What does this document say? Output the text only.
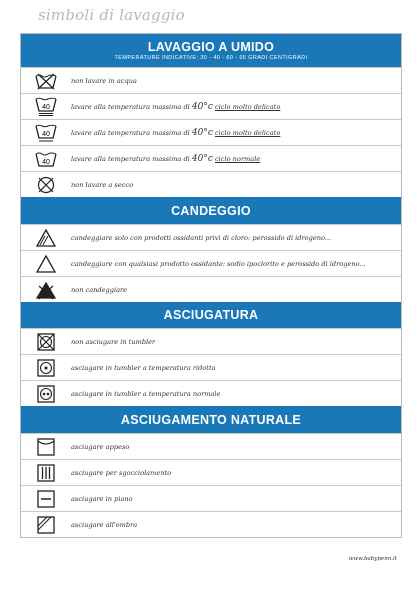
simboli di lavaggio
LAVAGGIO A UMIDO
TEMPERATURE INDICATIVE: 30 - 40 - 60 - 95 GRADI CENTIGRADI
non lavare in acqua
40	lavare alla temperatura massima di 40°c ciclo molto delicato
40	lavare alla temperatura massima di 40°c ciclo molto delicato
40	lavare alla temperatura massima di 40°c ciclo normale
non lavare a secco
CANDEGGIO
candeggiare solo con prodotti ossidanti privi di cloro: perossido di idrogeno...
candeggiare con qualsiasi prodotto ossidante: sodio ipoclorito e perossido di idrogeno...
non candeggiare
ASCIUGATURA
non asciugare in tumbler
asciugare in tumbler a temperatura ridotta
asciugare in tumbler a temperatura normale
ASCIUGAMENTO NATURALE
asciugare appeso
asciugare per sgocciolamento
asciugare in piano
asciugare all'ombra
www.babypenn.it
